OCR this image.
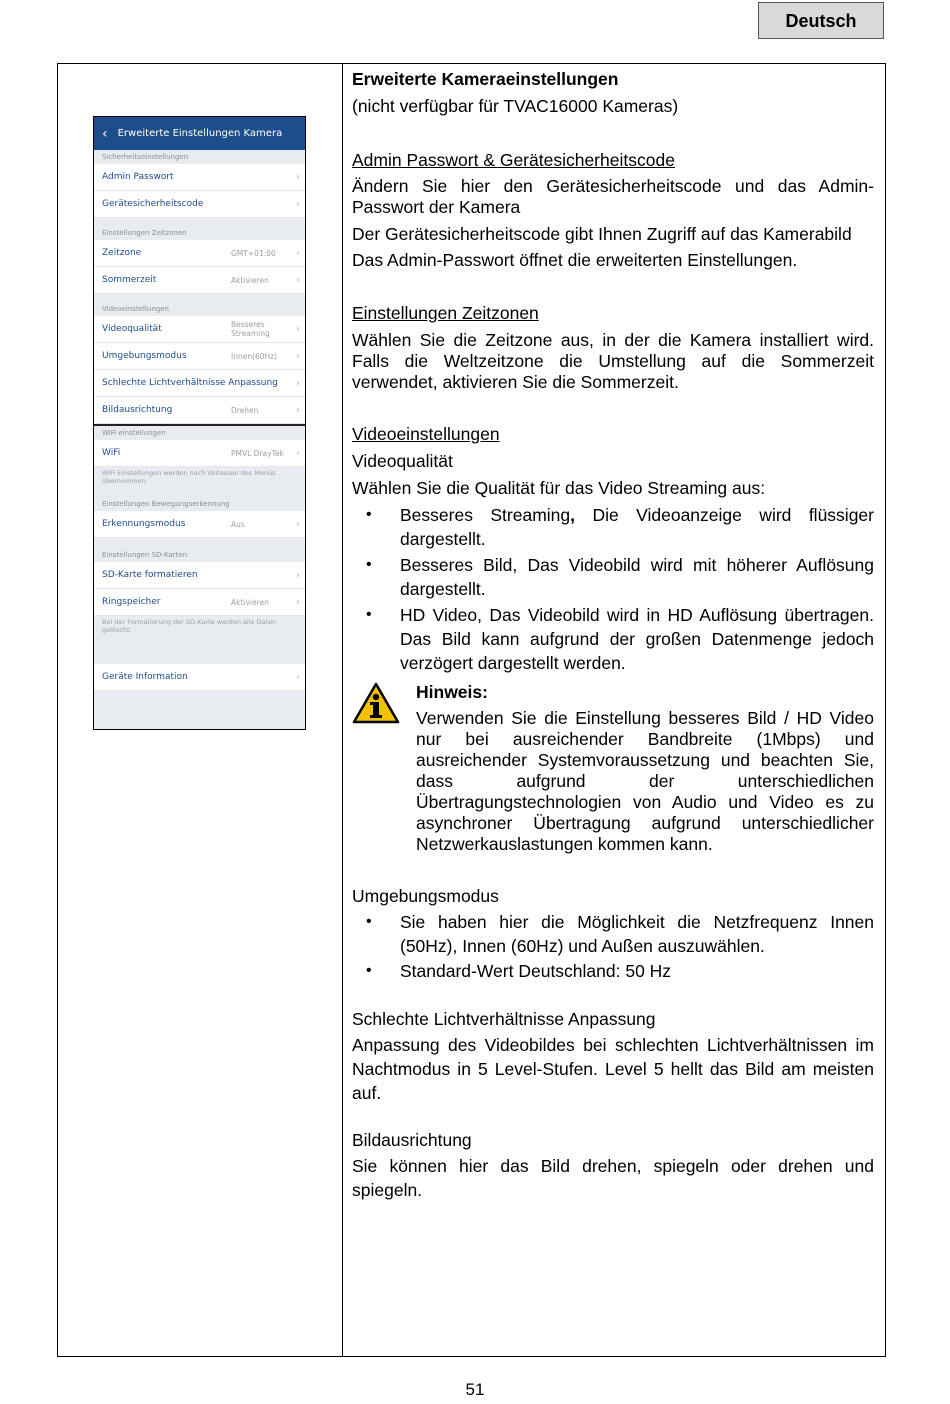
Deutsch
‹ Erweiterte Einstellungen Kamera
Sicherheitseinstellungen
Admin Passwort	›
Gerätesicherheitscode	›
Einstellungen Zeitzonen
Zeitzone	GMT+01:00	›
Sommerzeit	Aktivieren	›
Videoeinstellungen
Videoqualität	Besseres Streaming	›
Umgebungsmodus	Innen(60Hz)	›
Schlechte Lichtverhältnisse Anpassung	›
Bildausrichtung	Drehen	›
WiFi einstellungen
WiFi	PMVL DrayTek	›
WiFi Einstellungen werden nach Verlassen des Menüs übernommen.
Einstellungen Bewegungserkennung
Erkennungsmodus	Aus	›
Einstellungen SD-Karten
SD-Karte formatieren	›
Ringspeicher	Aktivieren	›
Bei der Formatierung der SD-Karte werden alle Daten gelöscht.
Geräte Information	›
Erweiterte Kameraeinstellungen
(nicht verfügbar für TVAC16000 Kameras)
Admin Passwort & Gerätesicherheitscode
Ändern Sie hier den Gerätesicherheitscode und das Admin-Passwort der Kamera
Der Gerätesicherheitscode gibt Ihnen Zugriff auf das Kamerabild
Das Admin-Passwort öffnet die erweiterten Einstellungen.
Einstellungen Zeitzonen
Wählen Sie die Zeitzone aus, in der die Kamera installiert wird. Falls die Weltzeitzone die Umstellung auf die Sommerzeit verwendet, aktivieren Sie die Sommerzeit.
Videoeinstellungen
Videoqualität
Wählen Sie die Qualität für das Video Streaming aus:
• Besseres Streaming, Die Videoanzeige wird flüssiger dargestellt.
• Besseres Bild, Das Videobild wird mit höherer Auflösung dargestellt.
• HD Video, Das Videobild wird in HD Auflösung übertragen. Das Bild kann aufgrund der großen Datenmenge jedoch verzögert dargestellt werden.
Hinweis:
Verwenden Sie die Einstellung besseres Bild / HD Video nur bei ausreichender Bandbreite (1Mbps) und ausreichender Systemvoraussetzung und beachten Sie, dass aufgrund der unterschiedlichen Übertragungstechnologien von Audio und Video es zu asynchroner Übertragung aufgrund unterschiedlicher Netzwerkauslastungen kommen kann.
Umgebungsmodus
• Sie haben hier die Möglichkeit die Netzfrequenz Innen (50Hz), Innen (60Hz) und Außen auszuwählen.
• Standard-Wert Deutschland: 50 Hz
Schlechte Lichtverhältnisse Anpassung
Anpassung des Videobildes bei schlechten Lichtverhältnissen im Nachtmodus in 5 Level-Stufen. Level 5 hellt das Bild am meisten auf.
Bildausrichtung
Sie können hier das Bild drehen, spiegeln oder drehen und spiegeln.
51
